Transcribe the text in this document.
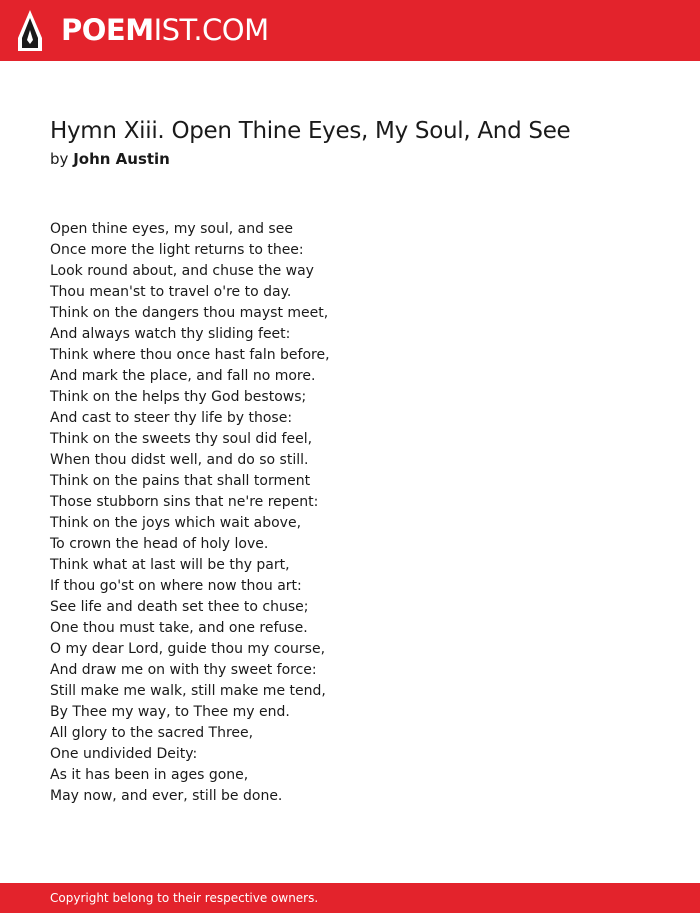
POEMIST.COM
Hymn Xiii. Open Thine Eyes, My Soul, And See
by John Austin
Open thine eyes, my soul, and see
Once more the light returns to thee:
Look round about, and chuse the way
Thou mean'st to travel o're to day.
Think on the dangers thou mayst meet,
And always watch thy sliding feet:
Think where thou once hast faln before,
And mark the place, and fall no more.
Think on the helps thy God bestows;
And cast to steer thy life by those:
Think on the sweets thy soul did feel,
When thou didst well, and do so still.
Think on the pains that shall torment
Those stubborn sins that ne're repent:
Think on the joys which wait above,
To crown the head of holy love.
Think what at last will be thy part,
If thou go'st on where now thou art:
See life and death set thee to chuse;
One thou must take, and one refuse.
O my dear Lord, guide thou my course,
And draw me on with thy sweet force:
Still make me walk, still make me tend,
By Thee my way, to Thee my end.
All glory to the sacred Three,
One undivided Deity:
As it has been in ages gone,
May now, and ever, still be done.
Copyright belong to their respective owners.
